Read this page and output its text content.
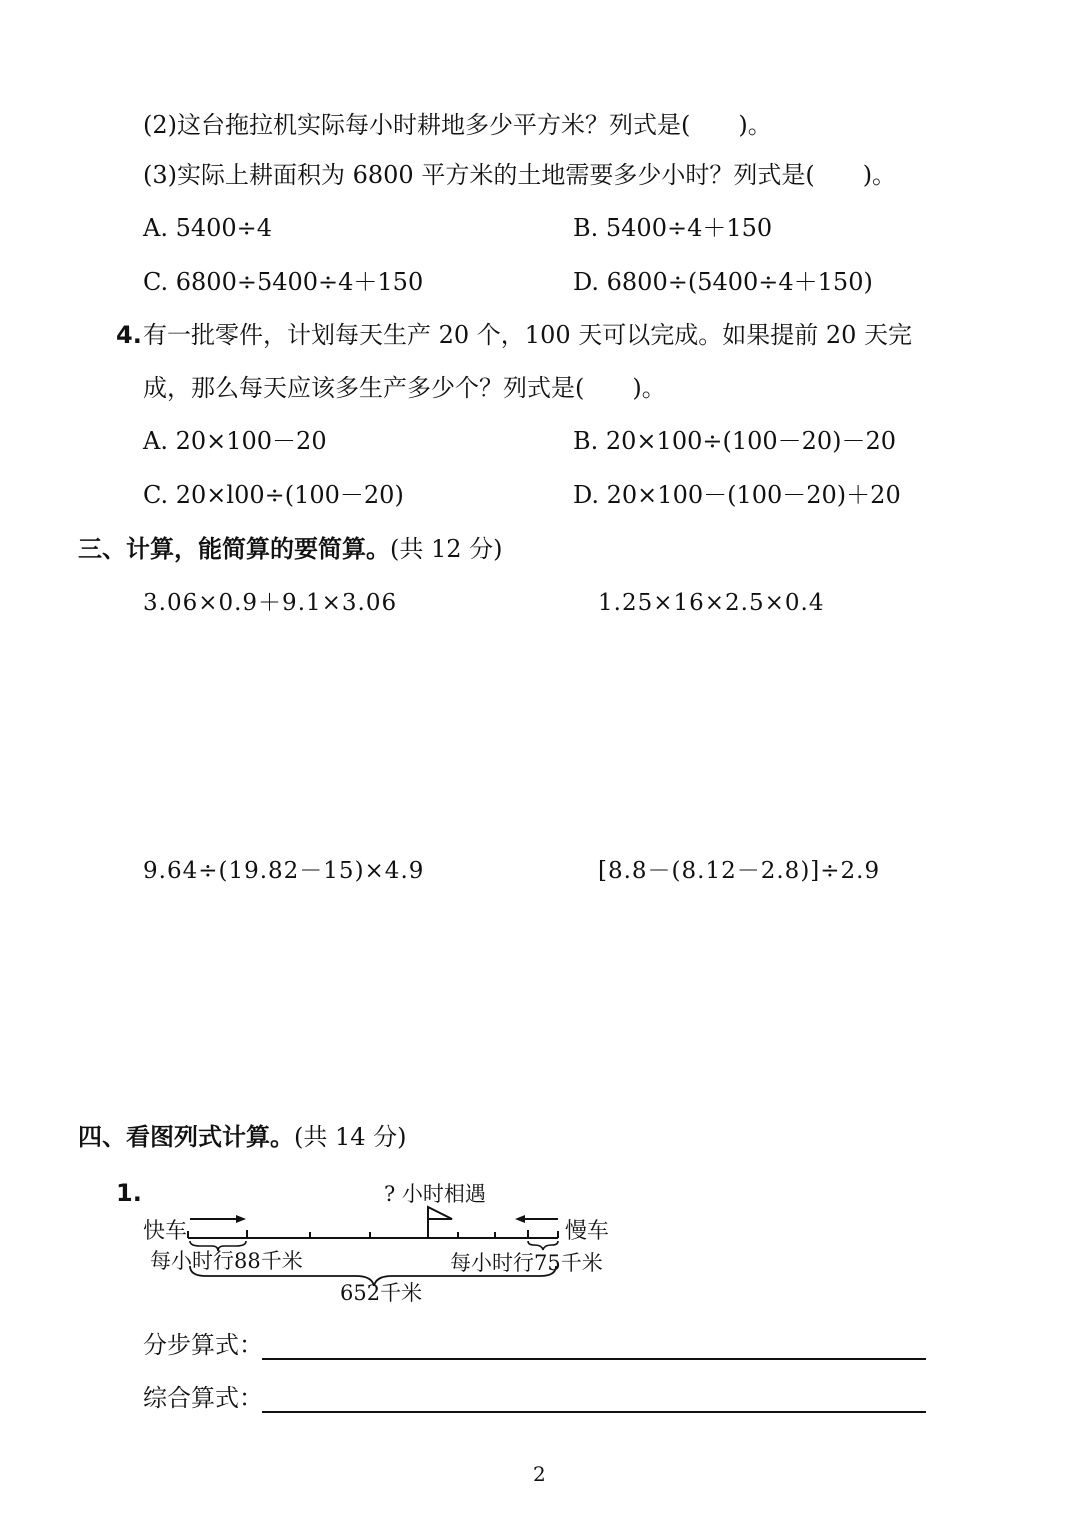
(2)这台拖拉机实际每小时耕地多少平方米？列式是(　　)。
(3)实际上耕面积为 6800 平方米的土地需要多少小时？列式是(　　)。
A. 5400÷4	B. 5400÷4＋150
C. 6800÷5400÷4＋150	D. 6800÷(5400÷4＋150)
4. 有一批零件，计划每天生产 20 个，100 天可以完成。如果提前 20 天完
成，那么每天应该多生产多少个？列式是(　　)。
A. 20×100－20	B. 20×100÷(100－20)－20
C. 20×l00÷(100－20)	D. 20×100－(100－20)＋20
三、计算，能简算的要简算。(共 12 分)
3.06×0.9＋9.1×3.06	1.25×16×2.5×0.4
9.64÷(19.82－15)×4.9	[8.8－(8.12－2.8)]÷2.9
四、看图列式计算。(共 14 分)
1.	? 小时相遇
快车	慢车
每小时行88千米	每小时行75千米
652千米
分步算式：
综合算式：
2
